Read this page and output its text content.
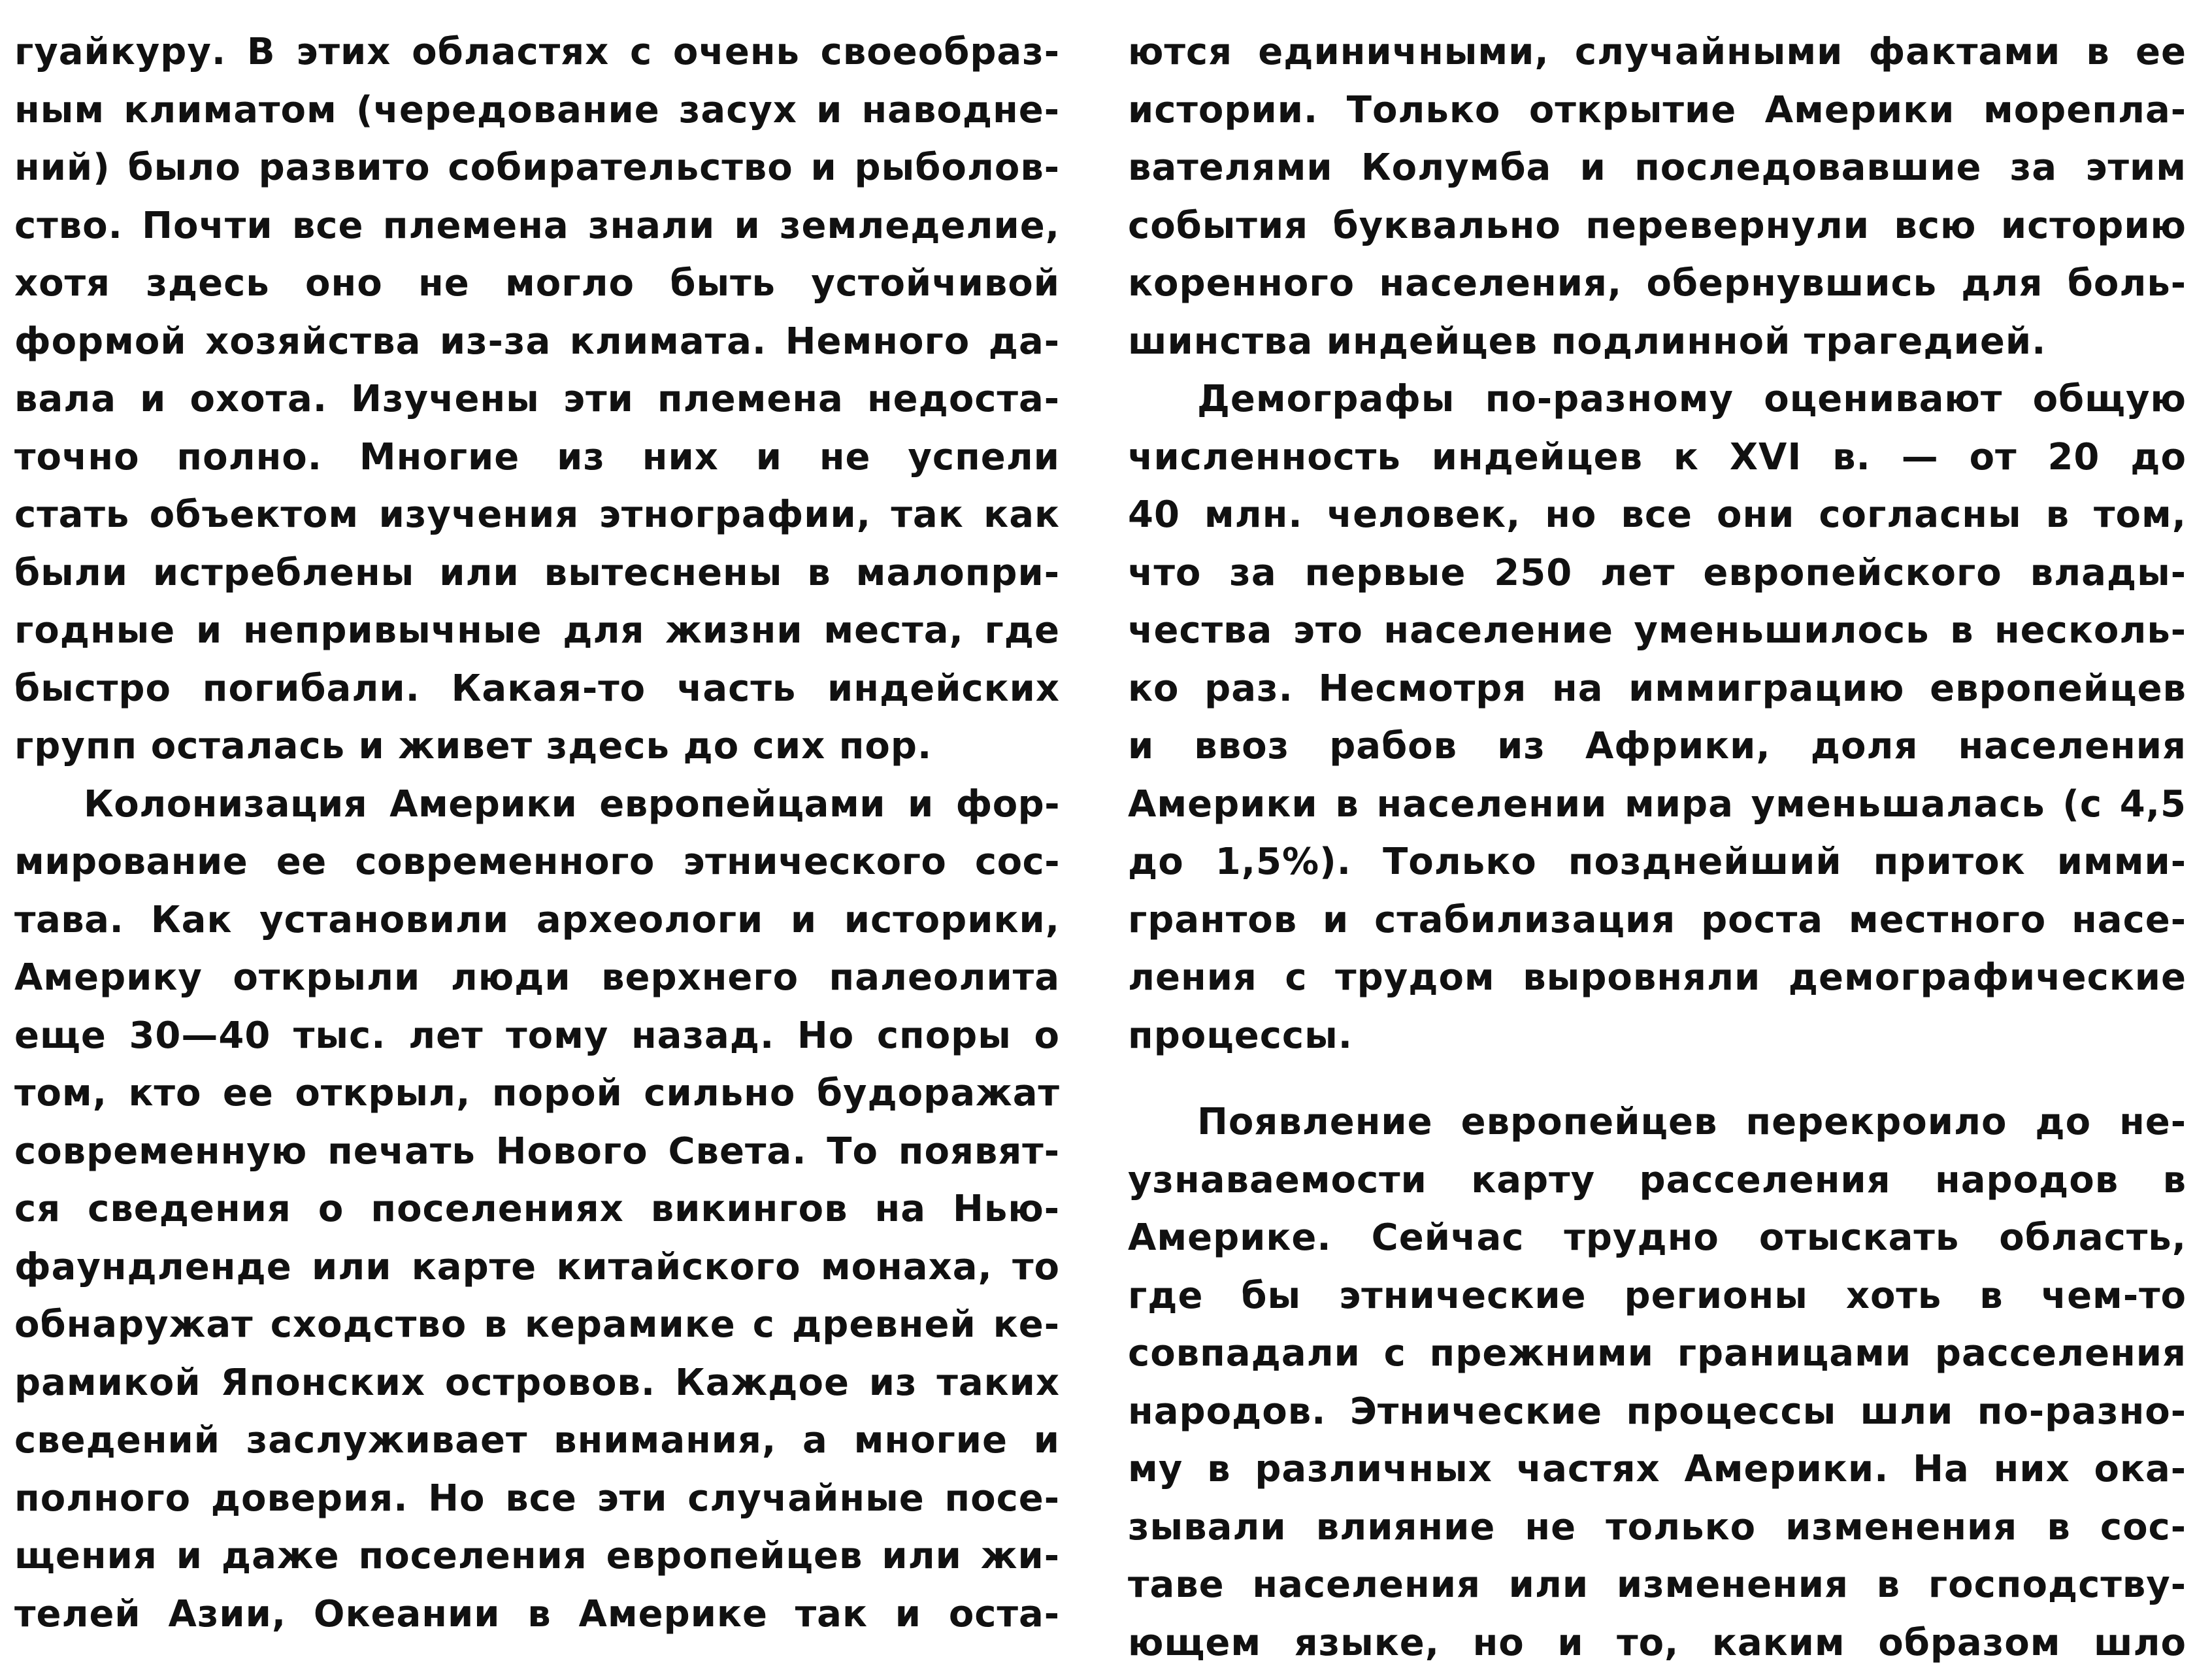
гуайкуру. В этих областях с очень своеобраз-
ным климатом (чередование засух и наводне-
ний) было развито собирательство и рыболов-
ство. Почти все племена знали и земледелие,
хотя здесь оно не могло быть устойчивой
формой хозяйства из-за климата. Немного да-
вала и охота. Изучены эти племена недоста-
точно полно. Многие из них и не успели
стать объектом изучения этнографии, так как
были истреблены или вытеснены в малопри-
годные и непривычные для жизни места, где
быстро погибали. Какая-то часть индейских
групп осталась и живет здесь до сих пор.
Колонизация Америки европейцами и фор-
мирование ее современного этнического сос-
тава. Как установили археологи и историки,
Америку открыли люди верхнего палеолита
еще 30—40 тыс. лет тому назад. Но споры о
том, кто ее открыл, порой сильно будоражат
современную печать Нового Света. То появят-
ся сведения о поселениях викингов на Нью-
фаундленде или карте китайского монаха, то
обнаружат сходство в керамике с древней ке-
рамикой Японских островов. Каждое из таких
сведений заслуживает внимания, а многие и
полного доверия. Но все эти случайные посе-
щения и даже поселения европейцев или жи-
телей Азии, Океании в Америке так и оста-
ются единичными, случайными фактами в ее
истории. Только открытие Америки морепла-
вателями Колумба и последовавшие за этим
события буквально перевернули всю историю
коренного населения, обернувшись для боль-
шинства индейцев подлинной трагедией.
Демографы по-разному оценивают общую
численность индейцев к XVI в. — от 20 до
40 млн. человек, но все они согласны в том,
что за первые 250 лет европейского влады-
чества это население уменьшилось в несколь-
ко раз. Несмотря на иммиграцию европейцев
и ввоз рабов из Африки, доля населения
Америки в населении мира уменьшалась (с 4,5
до 1,5%). Только позднейший приток имми-
грантов и стабилизация роста местного насе-
ления с трудом выровняли демографические
процессы.
Появление европейцев перекроило до не-
узнаваемости карту расселения народов в
Америке. Сейчас трудно отыскать область,
где бы этнические регионы хоть в чем-то
совпадали с прежними границами расселения
народов. Этнические процессы шли по-разно-
му в различных частях Америки. На них ока-
зывали влияние не только изменения в сос-
таве населения или изменения в господству-
ющем языке, но и то, каким образом шло
